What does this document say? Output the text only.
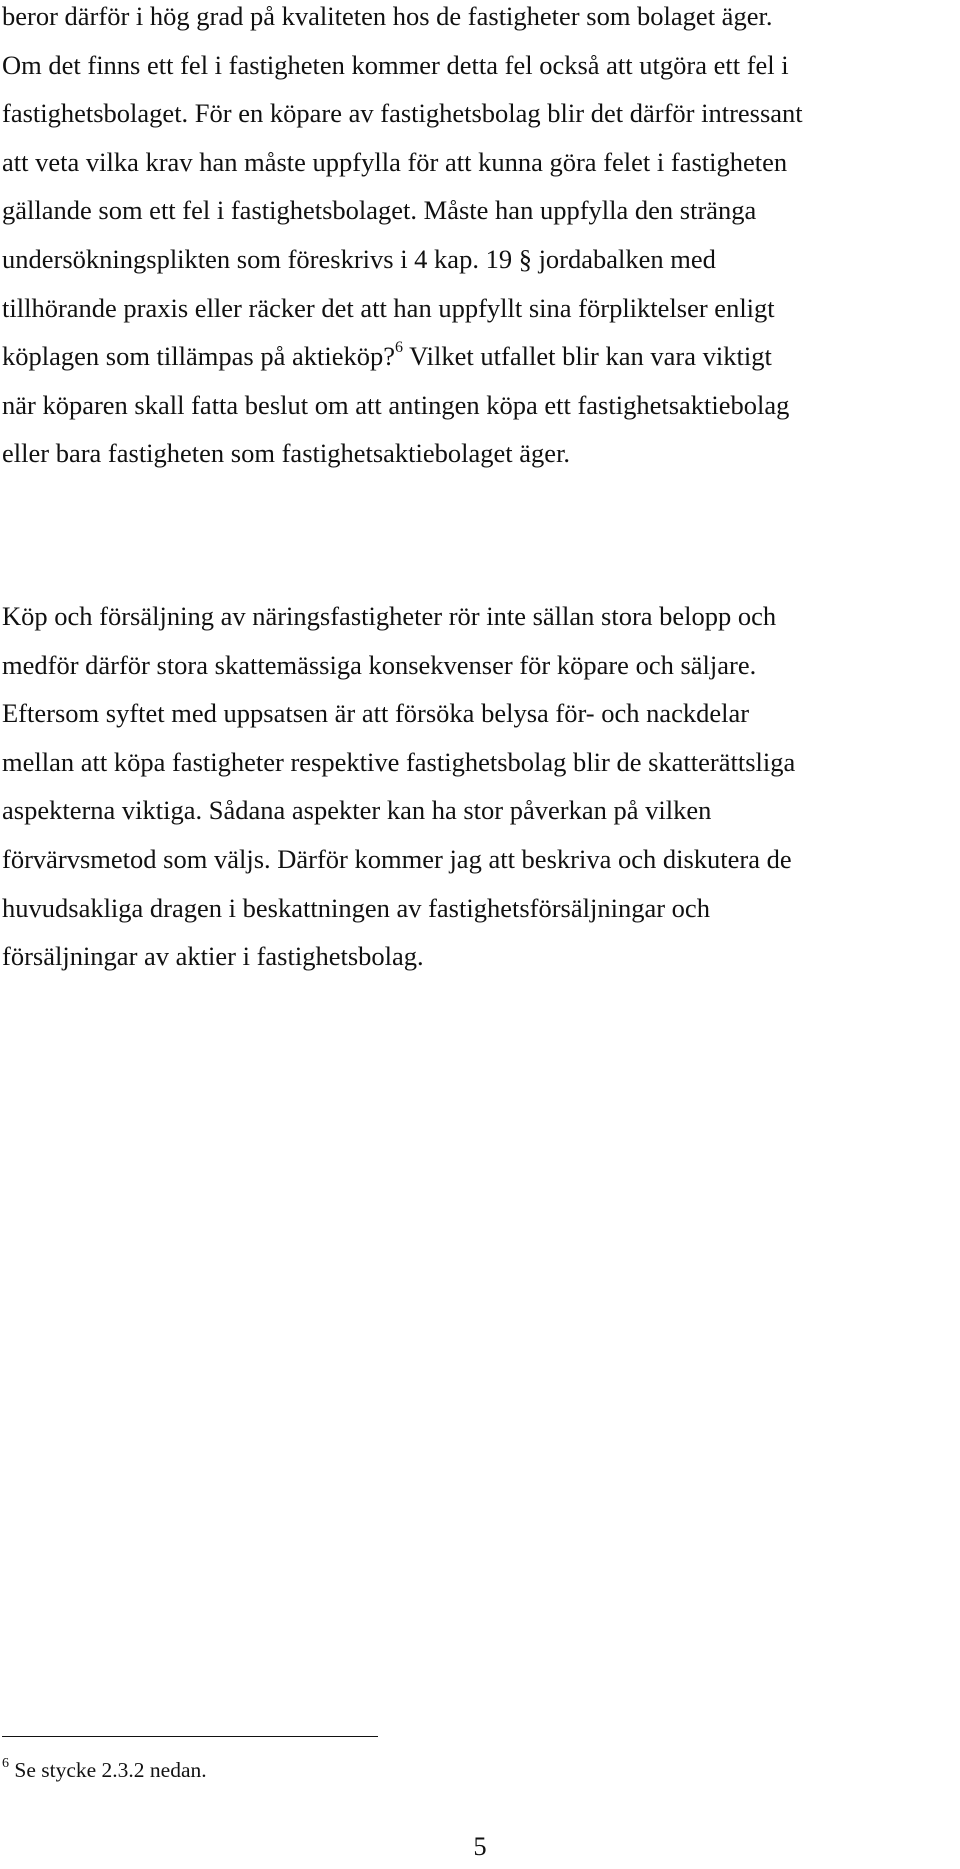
beror därför i hög grad på kvaliteten hos de fastigheter som bolaget äger.
Om det finns ett fel i fastigheten kommer detta fel också att utgöra ett fel i
fastighetsbolaget. För en köpare av fastighetsbolag blir det därför intressant
att veta vilka krav han måste uppfylla för att kunna göra felet i fastigheten
gällande som ett fel i fastighetsbolaget. Måste han uppfylla den stränga
undersökningsplikten som föreskrivs i 4 kap. 19 § jordabalken med
tillhörande praxis eller räcker det att han uppfyllt sina förpliktelser enligt
köplagen som tillämpas på aktieköp?$^6$ Vilket utfallet blir kan vara viktigt
när köparen skall fatta beslut om att antingen köpa ett fastighetsaktiebolag
eller bara fastigheten som fastighetsaktiebolaget äger.

Köp och försäljning av näringsfastigheter rör inte sällan stora belopp och
medför därför stora skattemässiga konsekvenser för köpare och säljare.
Eftersom syftet med uppsatsen är att försöka belysa för- och nackdelar
mellan att köpa fastigheter respektive fastighetsbolag blir de skatterättsliga
aspekterna viktiga. Sådana aspekter kan ha stor påverkan på vilken
förvärvsmetod som väljs. Därför kommer jag att beskriva och diskutera de
huvudsakliga dragen i beskattningen av fastighetsförsäljningar och
försäljningar av aktier i fastighetsbolag.

$^6$ Se stycke 2.3.2 nedan.
5
